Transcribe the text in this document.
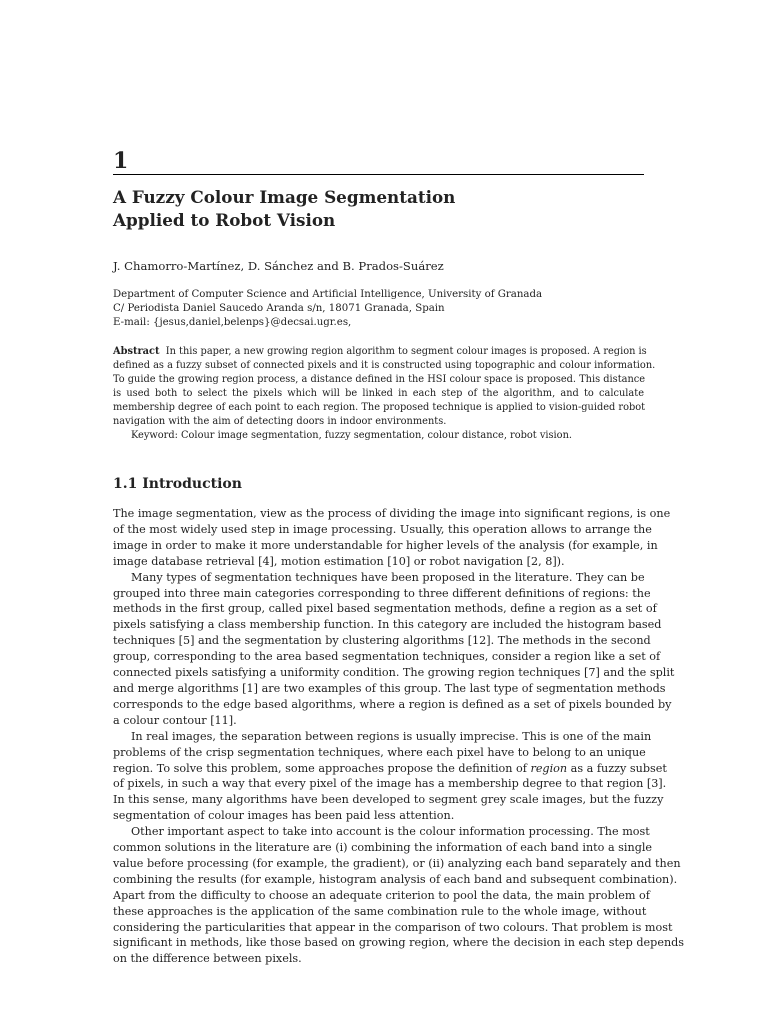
1
A Fuzzy Colour Image Segmentation
Applied to Robot Vision
J. Chamorro-Martínez, D. Sánchez and B. Prados-Suárez
Department of Computer Science and Artificial Intelligence, University of Granada
C/ Periodista Daniel Saucedo Aranda s/n, 18071 Granada, Spain
E-mail: {jesus,daniel,belenps}@decsai.ugr.es,
Abstract In this paper, a new growing region algorithm to segment colour images is proposed. A region is
defined as a fuzzy subset of connected pixels and it is constructed using topographic and colour information.
To guide the growing region process, a distance defined in the HSI colour space is proposed. This distance
is used both to select the pixels which will be linked in each step of the algorithm, and to calculate
membership degree of each point to each region. The proposed technique is applied to vision-guided robot
navigation with the aim of detecting doors in indoor environments.
Keyword: Colour image segmentation, fuzzy segmentation, colour distance, robot vision.
1.1 Introduction
The image segmentation, view as the process of dividing the image into significant regions, is one
of the most widely used step in image processing. Usually, this operation allows to arrange the
image in order to make it more understandable for higher levels of the analysis (for example, in
image database retrieval [4], motion estimation [10] or robot navigation [2, 8]).
Many types of segmentation techniques have been proposed in the literature. They can be
grouped into three main categories corresponding to three different definitions of regions: the
methods in the first group, called pixel based segmentation methods, define a region as a set of
pixels satisfying a class membership function. In this category are included the histogram based
techniques [5] and the segmentation by clustering algorithms [12]. The methods in the second
group, corresponding to the area based segmentation techniques, consider a region like a set of
connected pixels satisfying a uniformity condition. The growing region techniques [7] and the split
and merge algorithms [1] are two examples of this group. The last type of segmentation methods
corresponds to the edge based algorithms, where a region is defined as a set of pixels bounded by
a colour contour [11].
In real images, the separation between regions is usually imprecise. This is one of the main
problems of the crisp segmentation techniques, where each pixel have to belong to an unique
region. To solve this problem, some approaches propose the definition of region as a fuzzy subset
of pixels, in such a way that every pixel of the image has a membership degree to that region [3].
In this sense, many algorithms have been developed to segment grey scale images, but the fuzzy
segmentation of colour images has been paid less attention.
Other important aspect to take into account is the colour information processing. The most
common solutions in the literature are (i) combining the information of each band into a single
value before processing (for example, the gradient), or (ii) analyzing each band separately and then
combining the results (for example, histogram analysis of each band and subsequent combination).
Apart from the difficulty to choose an adequate criterion to pool the data, the main problem of
these approaches is the application of the same combination rule to the whole image, without
considering the particularities that appear in the comparison of two colours. That problem is most
significant in methods, like those based on growing region, where the decision in each step depends
on the difference between pixels.
